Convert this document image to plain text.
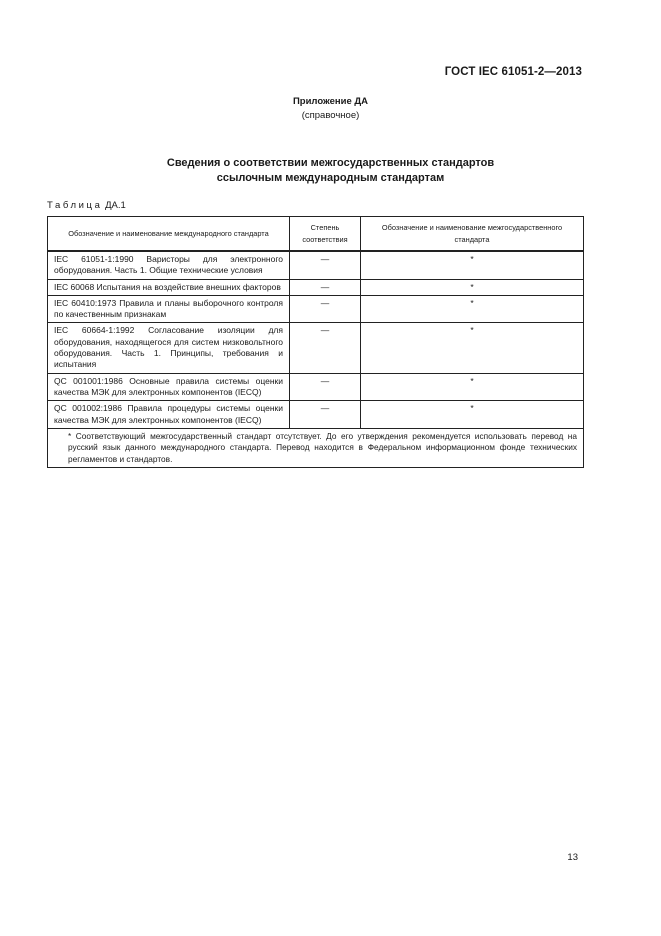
ГОСТ IEC 61051-2—2013
Приложение ДА
(справочное)
Сведения о соответствии межгосударственных стандартов
ссылочным международным стандартам
Таблица ДА.1
Обозначение и наименование международного стандарта	Степень соответствия	Обозначение и наименование межгосударственного стандарта
IEC 61051-1:1990 Варисторы для электронного оборудования. Часть 1. Общие технические условия	—	*
IEC 60068 Испытания на воздействие внешних факторов	—	*
IEC 60410:1973 Правила и планы выборочного контроля по качественным признакам	—	*
IEC 60664-1:1992 Согласование изоляции для оборудования, находящегося для систем низковольтного оборудования. Часть 1. Принципы, требования и испытания	—	*
QC 001001:1986 Основные правила системы оценки качества МЭК для электронных компонентов (IECQ)	—	*
QC 001002:1986 Правила процедуры системы оценки качества МЭК для электронных компонентов (IECQ)	—	*

* Соответствующий межгосударственный стандарт отсутствует. До его утверждения рекомендуется использовать перевод на русский язык данного международного стандарта. Перевод находится в Федеральном информационном фонде технических регламентов и стандартов.		
13
